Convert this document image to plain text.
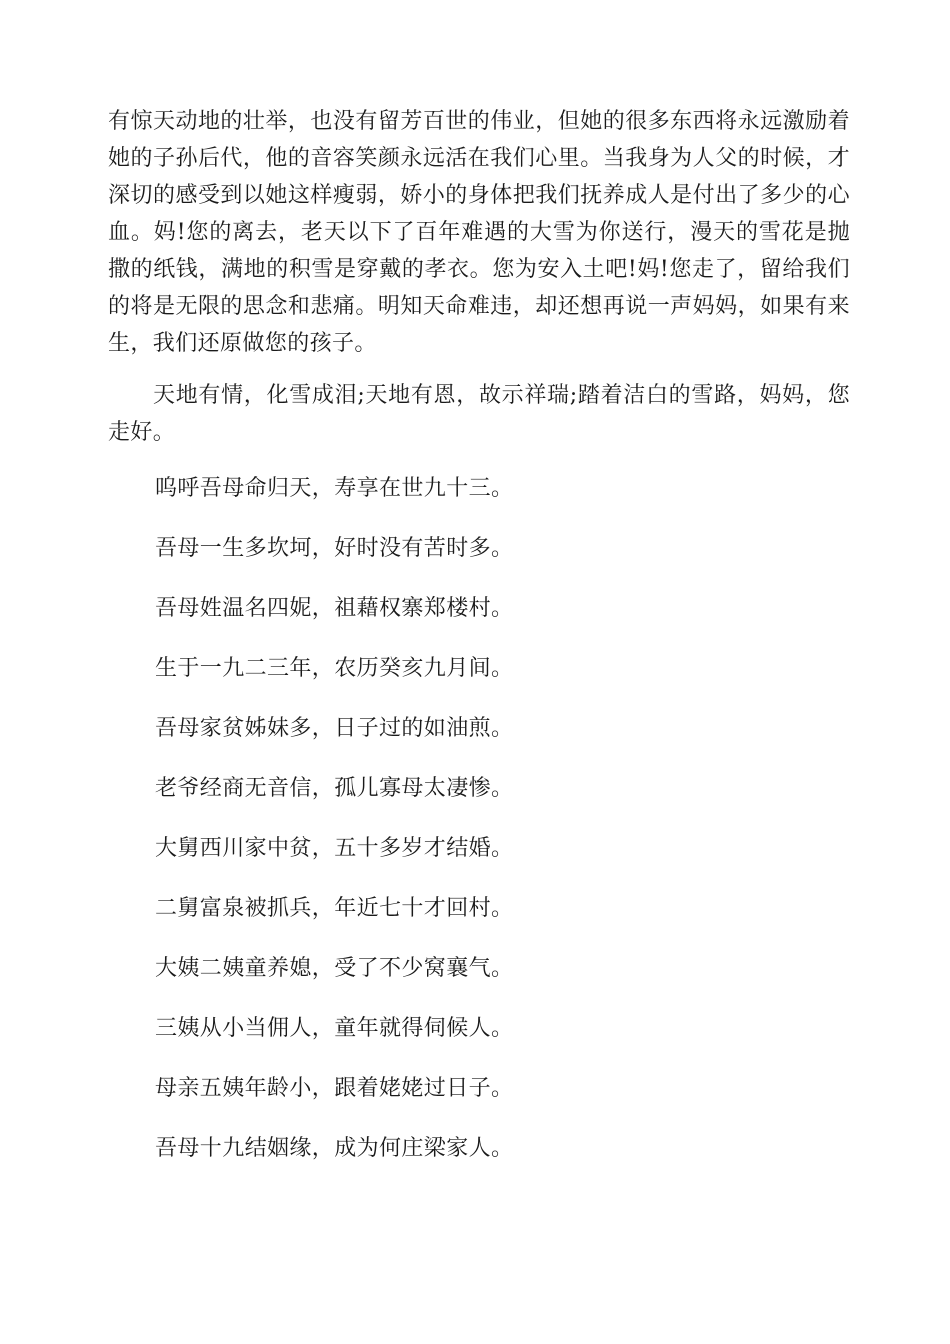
有惊天动地的壮举，也没有留芳百世的伟业，但她的很多东西将永远激励着她的子孙后代，他的音容笑颜永远活在我们心里。当我身为人父的时候，才深切的感受到以她这样瘦弱，娇小的身体把我们抚养成人是付出了多少的心血。妈!您的离去，老天以下了百年难遇的大雪为你送行，漫天的雪花是抛撒的纸钱，满地的积雪是穿戴的孝衣。您为安入土吧!妈!您走了，留给我们的将是无限的思念和悲痛。明知天命难违，却还想再说一声妈妈，如果有来生，我们还原做您的孩子。

天地有情，化雪成泪;天地有恩，故示祥瑞;踏着洁白的雪路，妈妈，您走好。

呜呼吾母命归天，寿享在世九十三。

吾母一生多坎坷，好时没有苦时多。

吾母姓温名四妮，祖藉权寨郑楼村。

生于一九二三年，农历癸亥九月间。

吾母家贫姊妹多，日子过的如油煎。

老爷经商无音信，孤儿寡母太凄惨。

大舅西川家中贫，五十多岁才结婚。

二舅富泉被抓兵，年近七十才回村。

大姨二姨童养媳，受了不少窝襄气。

三姨从小当佣人，童年就得伺候人。

母亲五姨年龄小，跟着姥姥过日子。

吾母十九结姻缘，成为何庄梁家人。
